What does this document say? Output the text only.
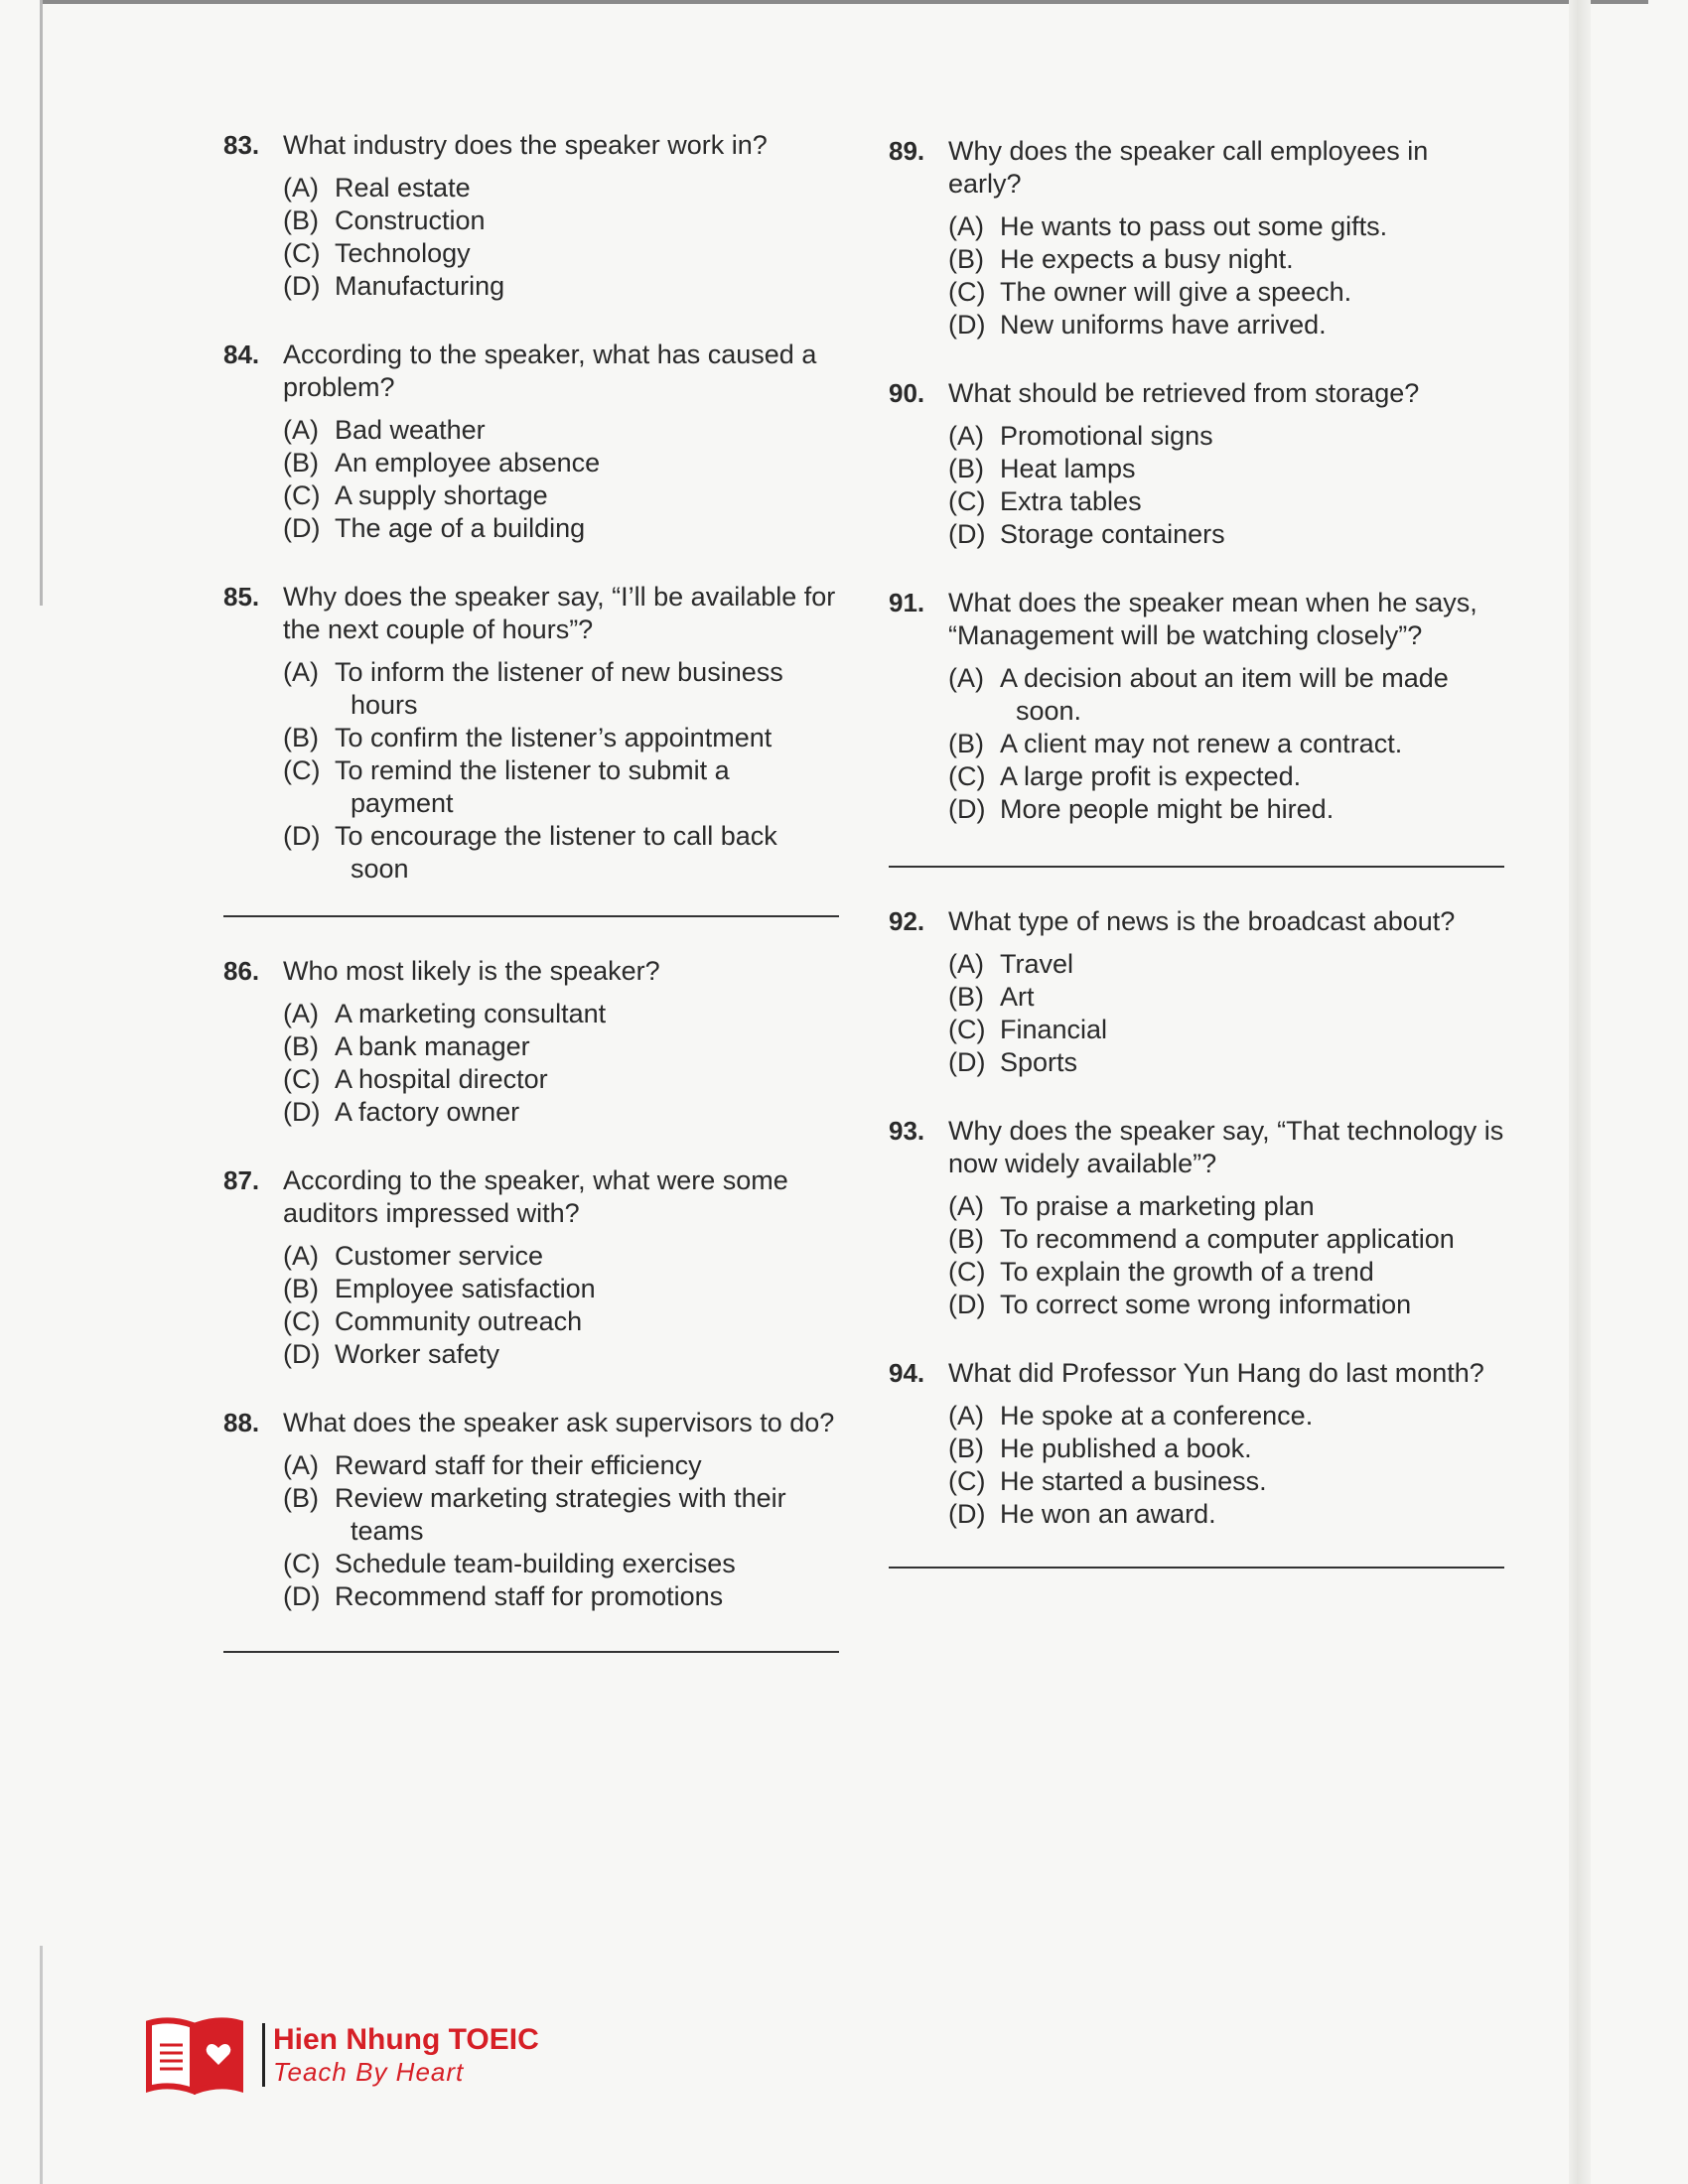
83. What industry does the speaker work in?
(A) Real estate
(B) Construction
(C) Technology
(D) Manufacturing
84. According to the speaker, what has caused a problem?
(A) Bad weather
(B) An employee absence
(C) A supply shortage
(D) The age of a building
85. Why does the speaker say, “I’ll be available for the next couple of hours”?
(A) To inform the listener of new business
hours
(B) To confirm the listener’s appointment
(C) To remind the listener to submit a
payment
(D) To encourage the listener to call back
soon
86. Who most likely is the speaker?
(A) A marketing consultant
(B) A bank manager
(C) A hospital director
(D) A factory owner
87. According to the speaker, what were some auditors impressed with?
(A) Customer service
(B) Employee satisfaction
(C) Community outreach
(D) Worker safety
88. What does the speaker ask supervisors to do?
(A) Reward staff for their efficiency
(B) Review marketing strategies with their
teams
(C) Schedule team-building exercises
(D) Recommend staff for promotions
89. Why does the speaker call employees in early?
(A) He wants to pass out some gifts.
(B) He expects a busy night.
(C) The owner will give a speech.
(D) New uniforms have arrived.
90. What should be retrieved from storage?
(A) Promotional signs
(B) Heat lamps
(C) Extra tables
(D) Storage containers
91. What does the speaker mean when he says, “Management will be watching closely”?
(A) A decision about an item will be made
soon.
(B) A client may not renew a contract.
(C) A large profit is expected.
(D) More people might be hired.
92. What type of news is the broadcast about?
(A) Travel
(B) Art
(C) Financial
(D) Sports
93. Why does the speaker say, “That technology is now widely available”?
(A) To praise a marketing plan
(B) To recommend a computer application
(C) To explain the growth of a trend
(D) To correct some wrong information
94. What did Professor Yun Hang do last month?
(A) He spoke at a conference.
(B) He published a book.
(C) He started a business.
(D) He won an award.
Hien Nhung TOEIC
Teach By Heart
